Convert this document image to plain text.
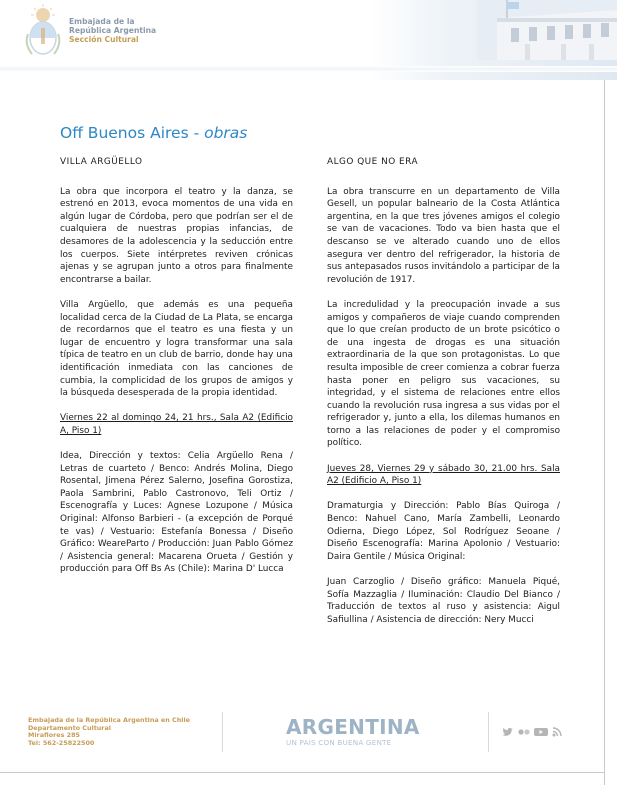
Embajada de la
República Argentina
Sección Cultural
Off Buenos Aires - obras
VILLA ARGÜELLO

La obra que incorpora el teatro y la danza, se estrenó en 2013, evoca momentos de una vida en algún lugar de Córdoba, pero que podrían ser el de cualquiera de nuestras propias infancias, de desamores de la adolescencia y la seducción entre los cuerpos. Siete intérpretes reviven crónicas ajenas y se agrupan junto a otros para finalmente encontrarse a bailar.

Villa Argüello, que además es una pequeña localidad cerca de la Ciudad de La Plata, se encarga de recordarnos que el teatro es una fiesta y un lugar de encuentro y logra transformar una sala típica de teatro en un club de barrio, donde hay una identificación inmediata con las canciones de cumbia, la complicidad de los grupos de amigos y la búsqueda desesperada de la propia identidad.

Viernes 22 al domingo 24, 21 hrs., Sala A2 (Edificio A, Piso 1)

Idea, Dirección y textos: Celia Argüello Rena / Letras de cuarteto / Benco: Andrés Molina, Diego Rosental, Jimena Pérez Salerno, Josefina Gorostiza, Paola Sambrini, Pablo Castronovo, Teli Ortiz / Escenografía y Luces: Agnese Lozupone / Música Original: Alfonso Barbieri - (a excepción de Porqué te vas) / Vestuario: Estefanía Bonessa / Diseño Gráfico: WeareParto / Producción: Juan Pablo Gómez / Asistencia general: Macarena Orueta / Gestión y producción para Off Bs As (Chile): Marina D' Lucca

ALGO QUE NO ERA

La obra transcurre en un departamento de Villa Gesell, un popular balneario de la Costa Atlántica argentina, en la que tres jóvenes amigos el colegio se van de vacaciones. Todo va bien hasta que el descanso se ve alterado cuando uno de ellos asegura ver dentro del refrigerador, la historia de sus antepasados rusos invitándolo a participar de la revolución de 1917.

La incredulidad y la preocupación invade a sus amigos y compañeros de viaje cuando comprenden que lo que creían producto de un brote psicótico o de una ingesta de drogas es una situación extraordinaria de la que son protagonistas. Lo que resulta imposible de creer comienza a cobrar fuerza hasta poner en peligro sus vacaciones, su integridad, y el sistema de relaciones entre ellos cuando la revolución rusa ingresa a sus vidas por el refrigerador y, junto a ella, los dilemas humanos en torno a las relaciones de poder y el compromiso político.

Jueves 28, Viernes 29 y sábado 30, 21.00 hrs. Sala A2 (Edificio A, Piso 1)

Dramaturgia y Dirección: Pablo Bías Quiroga / Benco: Nahuel Cano, María Zambelli, Leonardo Odierna, Diego López, Sol Rodríguez Seoane / Diseño Escenografía: Marina Apolonio / Vestuario: Daira Gentile / Música Original:

Juan Carzoglio / Diseño gráfico: Manuela Piqué, Sofía Mazzaglia / Iluminación: Claudio Del Bianco / Traducción de textos al ruso y asistencia: Aigul Safiullina / Asistencia de dirección: Nery Mucci

Embajada de la República Argentina en Chile
Departamento Cultural
Miraflores 285
Tel: 562-25822500
ARGENTINA
UN PAÍS CON BUENA GENTE
